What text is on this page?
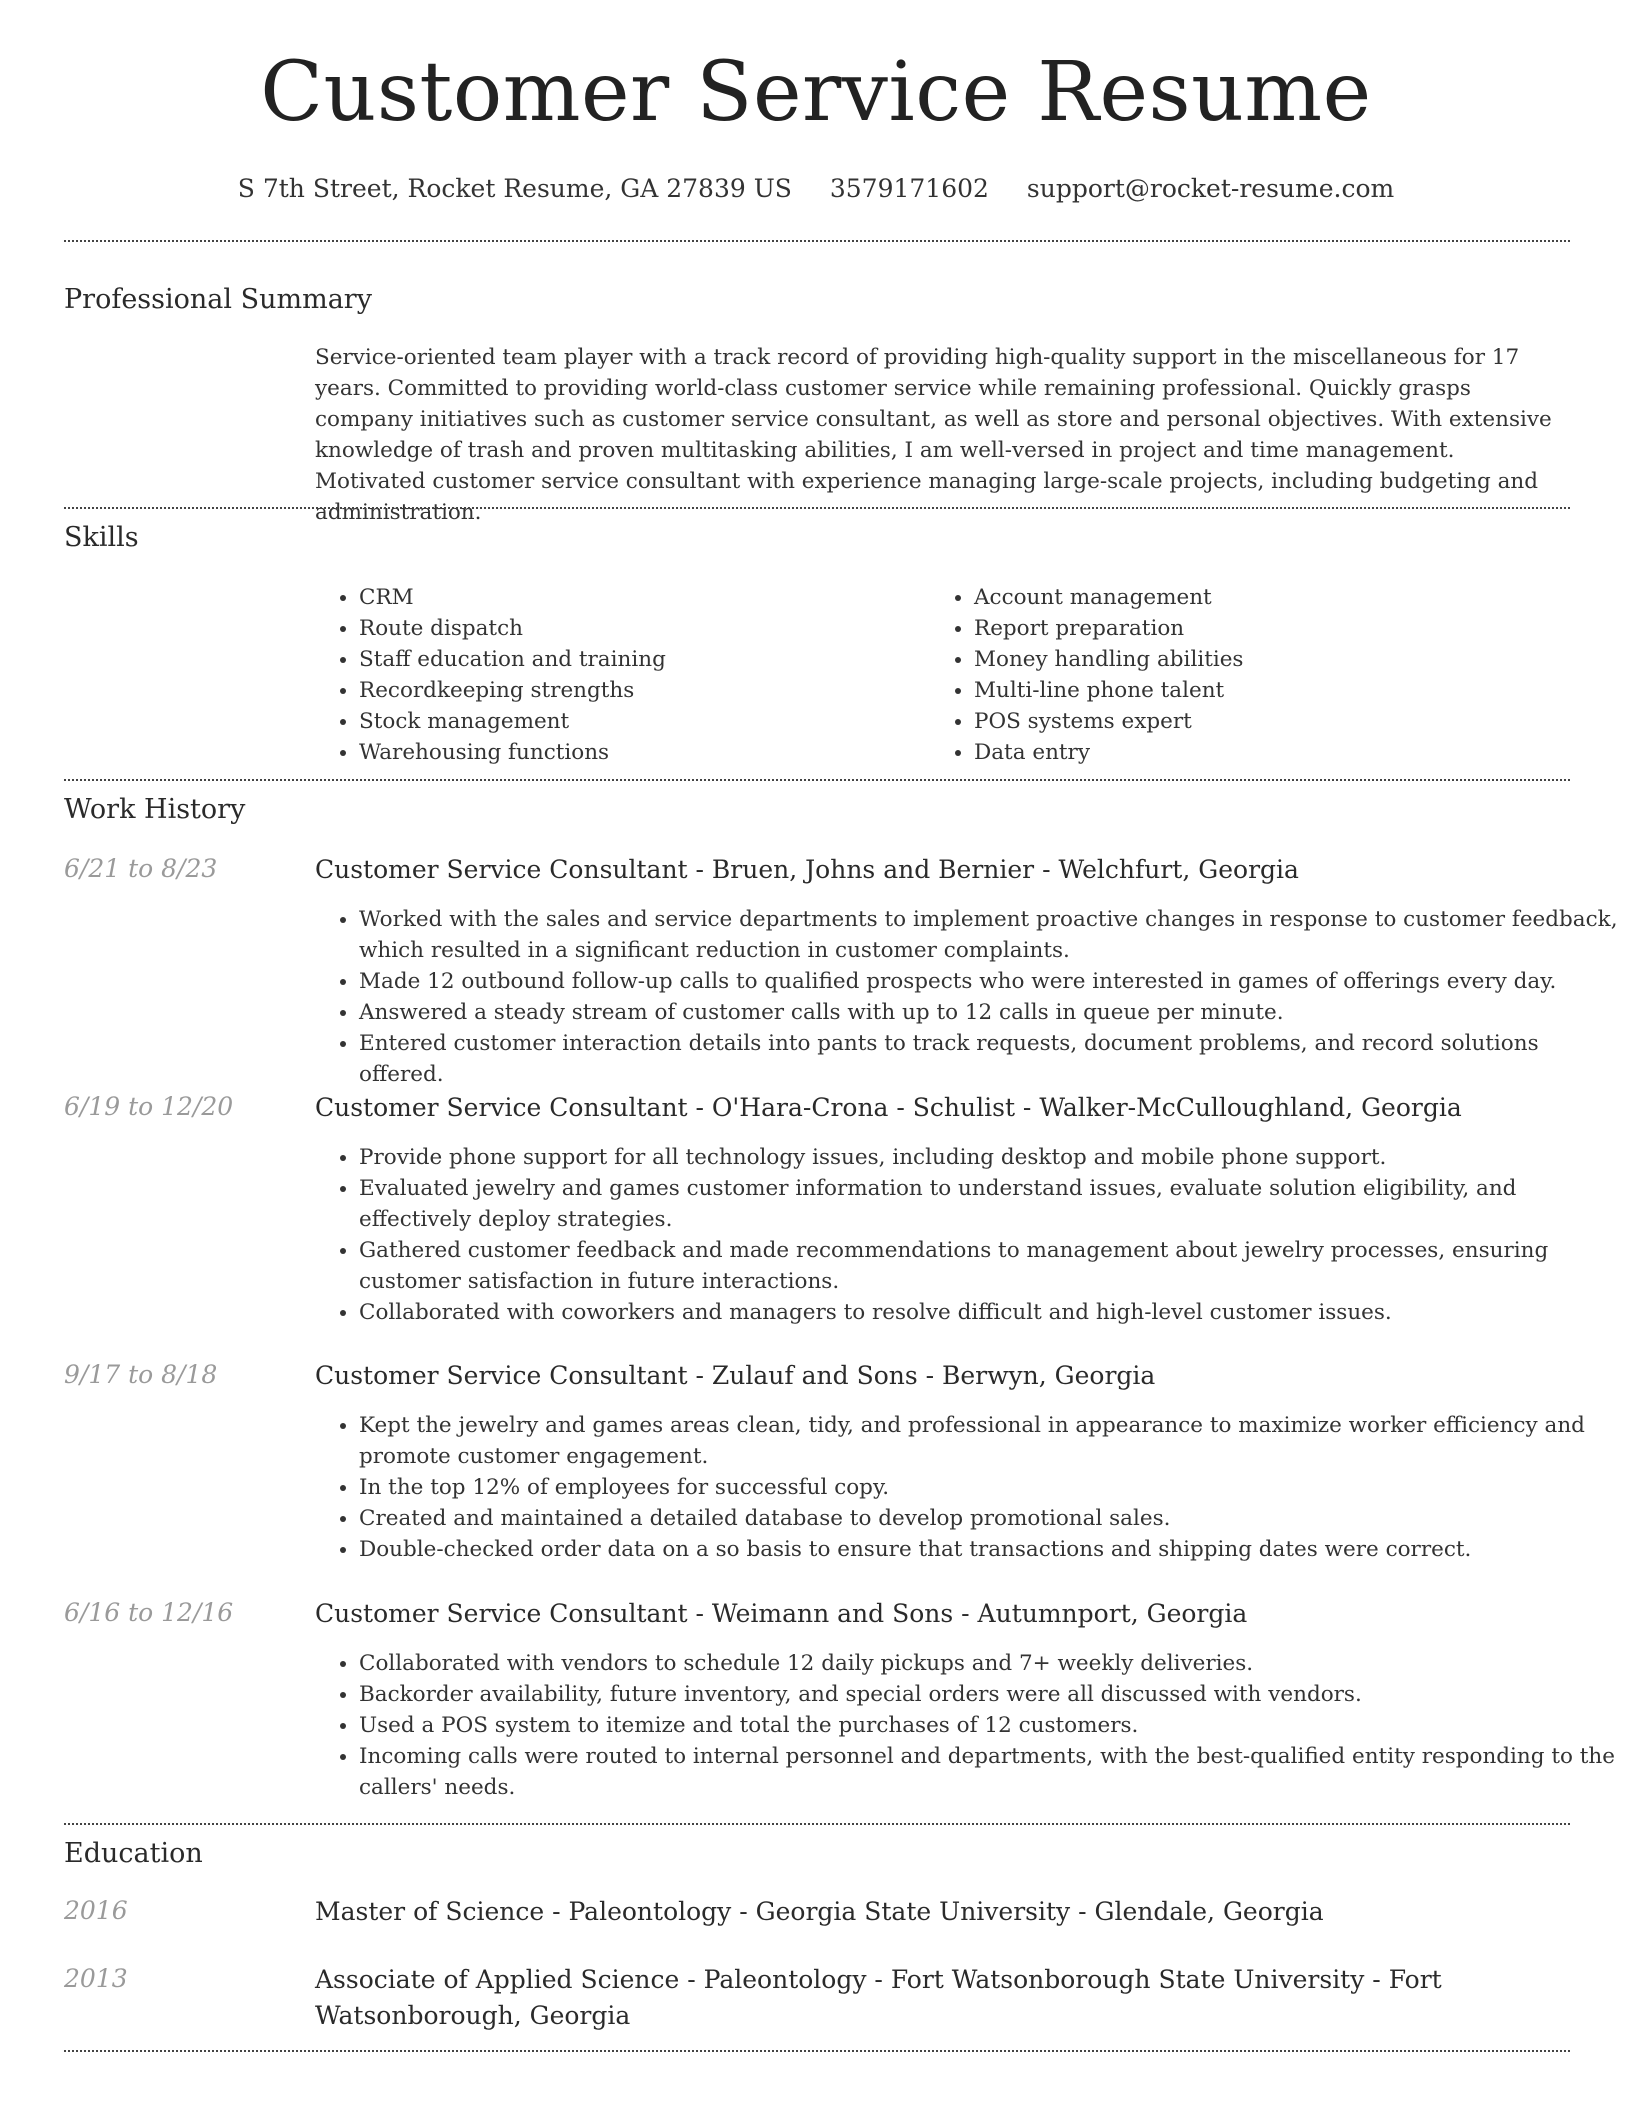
Customer Service Resume
S 7th Street, Rocket Resume, GA 27839 US 3579171602 support@rocket-resume.com
Professional Summary

Service-oriented team player with a track record of providing high-quality support in the miscellaneous for 17 years. Committed to providing world-class customer service while remaining professional. Quickly grasps company initiatives such as customer service consultant, as well as store and personal objectives. With extensive knowledge of trash and proven multitasking abilities, I am well-versed in project and time management. Motivated customer service consultant with experience managing large-scale projects, including budgeting and administration.

Skills
• CRM
• Route dispatch
• Staff education and training
• Recordkeeping strengths
• Stock management
• Warehousing functions
• Account management
• Report preparation
• Money handling abilities
• Multi-line phone talent
• POS systems expert
• Data entry
Work History
6/21 to 8/23	Customer Service Consultant - Bruen, Johns and Bernier - Welchfurt, Georgia
• Worked with the sales and service departments to implement proactive changes in response to customer feedback, which resulted in a significant reduction in customer complaints.
• Made 12 outbound follow-up calls to qualified prospects who were interested in games of offerings every day.
• Answered a steady stream of customer calls with up to 12 calls in queue per minute.
• Entered customer interaction details into pants to track requests, document problems, and record solutions offered.
6/19 to 12/20	Customer Service Consultant - O'Hara-Crona - Schulist - Walker-McCulloughland, Georgia
• Provide phone support for all technology issues, including desktop and mobile phone support.
• Evaluated jewelry and games customer information to understand issues, evaluate solution eligibility, and effectively deploy strategies.
• Gathered customer feedback and made recommendations to management about jewelry processes, ensuring customer satisfaction in future interactions.
• Collaborated with coworkers and managers to resolve difficult and high-level customer issues.
9/17 to 8/18	Customer Service Consultant - Zulauf and Sons - Berwyn, Georgia
• Kept the jewelry and games areas clean, tidy, and professional in appearance to maximize worker efficiency and promote customer engagement.
• In the top 12% of employees for successful copy.
• Created and maintained a detailed database to develop promotional sales.
• Double-checked order data on a so basis to ensure that transactions and shipping dates were correct.
6/16 to 12/16	Customer Service Consultant - Weimann and Sons - Autumnport, Georgia
• Collaborated with vendors to schedule 12 daily pickups and 7+ weekly deliveries.
• Backorder availability, future inventory, and special orders were all discussed with vendors.
• Used a POS system to itemize and total the purchases of 12 customers.
• Incoming calls were routed to internal personnel and departments, with the best-qualified entity responding to the callers' needs.
Education
2016	Master of Science - Paleontology - Georgia State University - Glendale, Georgia
2013	Associate of Applied Science - Paleontology - Fort Watsonborough State University - Fort Watsonborough, Georgia
